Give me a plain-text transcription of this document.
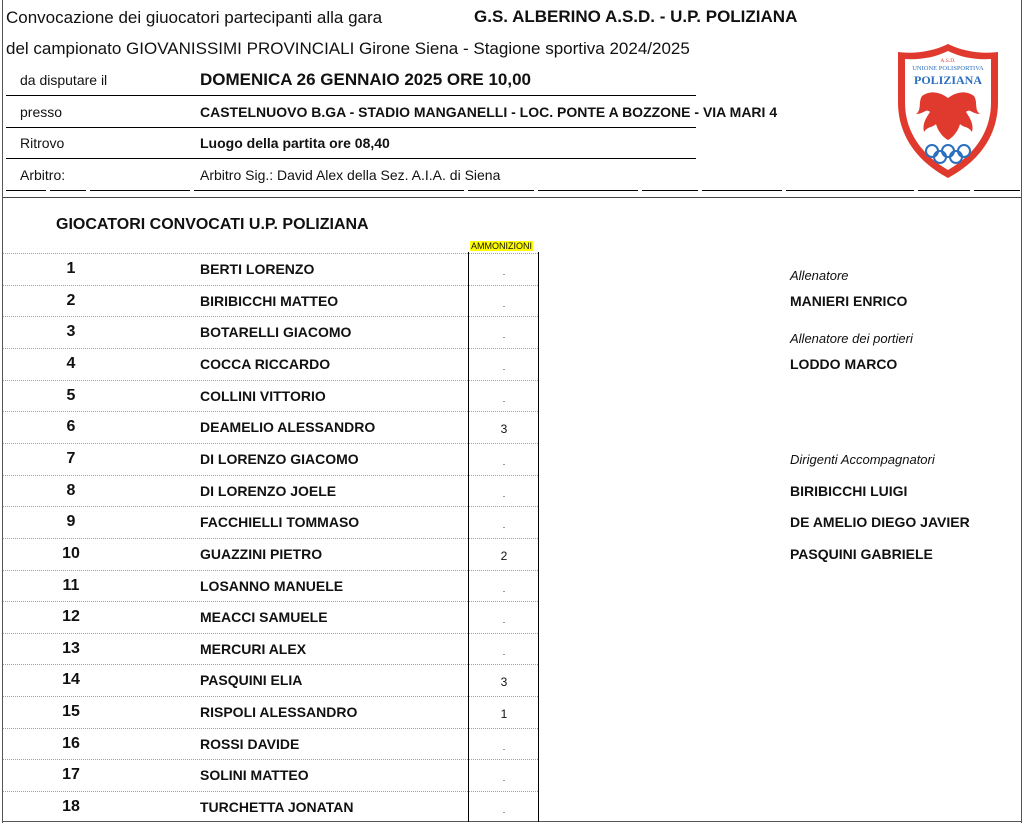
Convocazione dei giuocatori partecipanti alla gara	G.S. ALBERINO A.S.D. - U.P. POLIZIANA
del campionato GIOVANISSIMI PROVINCIALI Girone Siena - Stagione sportiva 2024/2025
da disputare il	DOMENICA 26 GENNAIO 2025 ORE 10,00
presso	CASTELNUOVO B.GA - STADIO MANGANELLI - LOC. PONTE A BOZZONE - VIA MARI 4
Ritrovo	Luogo della partita ore 08,40
Arbitro:	Arbitro Sig.: David Alex della Sez. A.I.A. di Siena
A.S.D.
UNIONE POLISPORTIVA
POLIZIANA
GIOCATORI CONVOCATI U.P. POLIZIANA
AMMONIZIONI
1	BERTI LORENZO	.
2	BIRIBICCHI MATTEO	.
3	BOTARELLI GIACOMO	.
4	COCCA RICCARDO	.
5	COLLINI VITTORIO	.
6	DEAMELIO ALESSANDRO	3
7	DI LORENZO GIACOMO	.
8	DI LORENZO JOELE	.
9	FACCHIELLI TOMMASO	.
10	GUAZZINI PIETRO	2
11	LOSANNO MANUELE	.
12	MEACCI SAMUELE	.
13	MERCURI ALEX	.
14	PASQUINI ELIA	3
15	RISPOLI ALESSANDRO	1
16	ROSSI DAVIDE	.
17	SOLINI MATTEO	.
18	TURCHETTA JONATAN	.
Allenatore
MANIERI ENRICO
Allenatore dei portieri
LODDO MARCO
Dirigenti Accompagnatori
BIRIBICCHI LUIGI
DE AMELIO DIEGO JAVIER
PASQUINI GABRIELE
